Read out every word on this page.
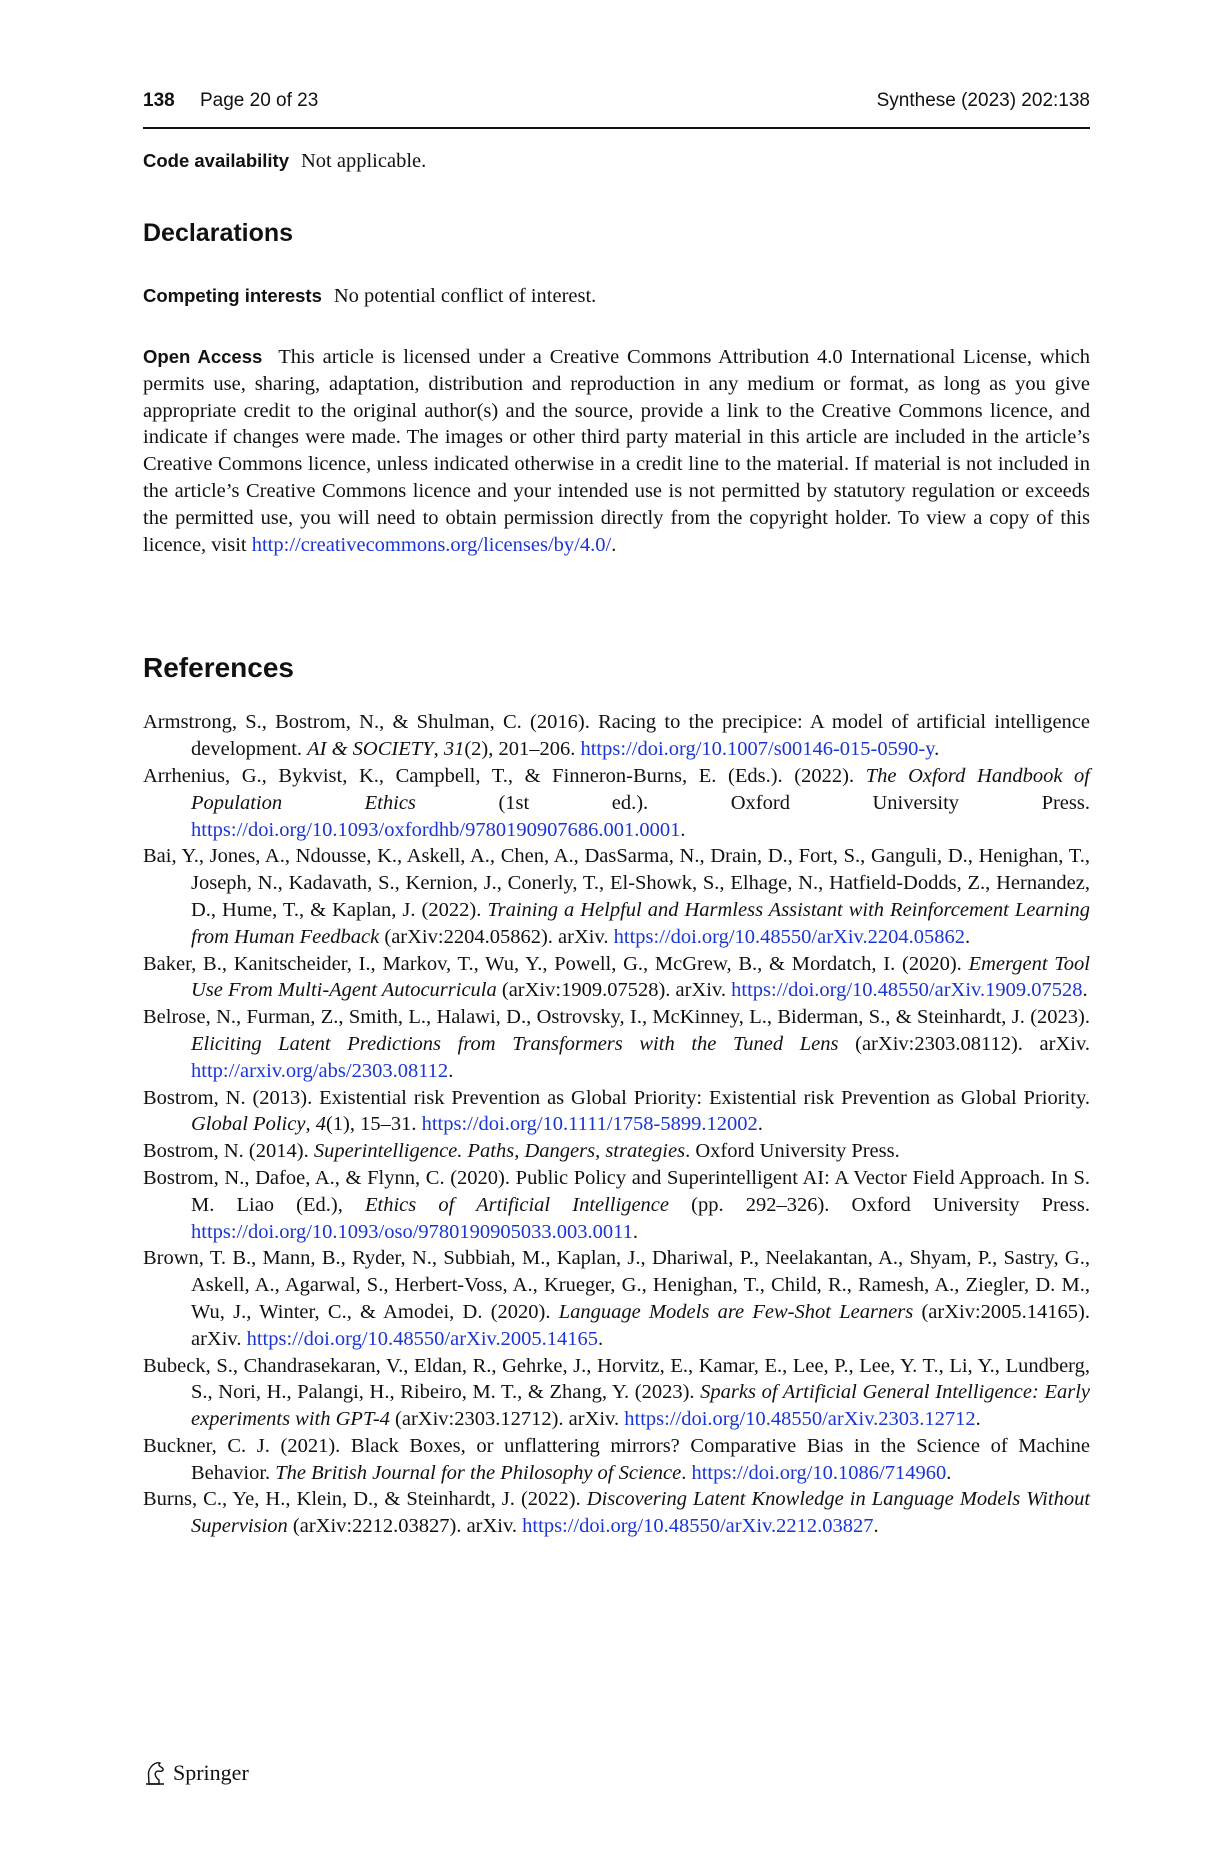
138 Page 20 of 23	Synthese (2023) 202:138

Code availability Not applicable.

Declarations

Competing interests No potential conflict of interest.

Open Access This article is licensed under a Creative Commons Attribution 4.0 International License, which permits use, sharing, adaptation, distribution and reproduction in any medium or format, as long as you give appropriate credit to the original author(s) and the source, provide a link to the Creative Commons licence, and indicate if changes were made. The images or other third party material in this article are included in the article’s Creative Commons licence, unless indicated otherwise in a credit line to the material. If material is not included in the article’s Creative Commons licence and your intended use is not permitted by statutory regulation or exceeds the permitted use, you will need to obtain permission directly from the copyright holder. To view a copy of this licence, visit http://creativecommons.org/licenses/by/4.0/.

References
Armstrong, S., Bostrom, N., & Shulman, C. (2016). Racing to the precipice: A model of artificial intelligence development. AI & SOCIETY, 31(2), 201–206. https://doi.org/10.1007/s00146-015-0590-y.
Arrhenius, G., Bykvist, K., Campbell, T., & Finneron-Burns, E. (Eds.). (2022). The Oxford Handbook of Population Ethics (1st ed.). Oxford University Press. https://doi.org/10.1093/oxfordhb/9780190907686.001.0001.
Bai, Y., Jones, A., Ndousse, K., Askell, A., Chen, A., DasSarma, N., Drain, D., Fort, S., Ganguli, D., Henighan, T., Joseph, N., Kadavath, S., Kernion, J., Conerly, T., El-Showk, S., Elhage, N., Hatfield-Dodds, Z., Hernandez, D., Hume, T., & Kaplan, J. (2022). Training a Helpful and Harmless Assistant with Reinforcement Learning from Human Feedback (arXiv:2204.05862). arXiv. https://doi.org/10.48550/arXiv.2204.05862.
Baker, B., Kanitscheider, I., Markov, T., Wu, Y., Powell, G., McGrew, B., & Mordatch, I. (2020). Emergent Tool Use From Multi-Agent Autocurricula (arXiv:1909.07528). arXiv. https://doi.org/10.48550/arXiv.1909.07528.
Belrose, N., Furman, Z., Smith, L., Halawi, D., Ostrovsky, I., McKinney, L., Biderman, S., & Steinhardt, J. (2023). Eliciting Latent Predictions from Transformers with the Tuned Lens (arXiv:2303.08112). arXiv. http://arxiv.org/abs/2303.08112.
Bostrom, N. (2013). Existential risk Prevention as Global Priority: Existential risk Prevention as Global Priority. Global Policy, 4(1), 15–31. https://doi.org/10.1111/1758-5899.12002.
Bostrom, N. (2014). Superintelligence. Paths, Dangers, strategies. Oxford University Press.
Bostrom, N., Dafoe, A., & Flynn, C. (2020). Public Policy and Superintelligent AI: A Vector Field Approach. In S. M. Liao (Ed.), Ethics of Artificial Intelligence (pp. 292–326). Oxford University Press. https://doi.org/10.1093/oso/9780190905033.003.0011.
Brown, T. B., Mann, B., Ryder, N., Subbiah, M., Kaplan, J., Dhariwal, P., Neelakantan, A., Shyam, P., Sastry, G., Askell, A., Agarwal, S., Herbert-Voss, A., Krueger, G., Henighan, T., Child, R., Ramesh, A., Ziegler, D. M., Wu, J., Winter, C., & Amodei, D. (2020). Language Models are Few-Shot Learners (arXiv:2005.14165). arXiv. https://doi.org/10.48550/arXiv.2005.14165.
Bubeck, S., Chandrasekaran, V., Eldan, R., Gehrke, J., Horvitz, E., Kamar, E., Lee, P., Lee, Y. T., Li, Y., Lundberg, S., Nori, H., Palangi, H., Ribeiro, M. T., & Zhang, Y. (2023). Sparks of Artificial General Intelligence: Early experiments with GPT-4 (arXiv:2303.12712). arXiv. https://doi.org/10.48550/arXiv.2303.12712.
Buckner, C. J. (2021). Black Boxes, or unflattering mirrors? Comparative Bias in the Science of Machine Behavior. The British Journal for the Philosophy of Science. https://doi.org/10.1086/714960.
Burns, C., Ye, H., Klein, D., & Steinhardt, J. (2022). Discovering Latent Knowledge in Language Models Without Supervision (arXiv:2212.03827). arXiv. https://doi.org/10.48550/arXiv.2212.03827.
Springer
